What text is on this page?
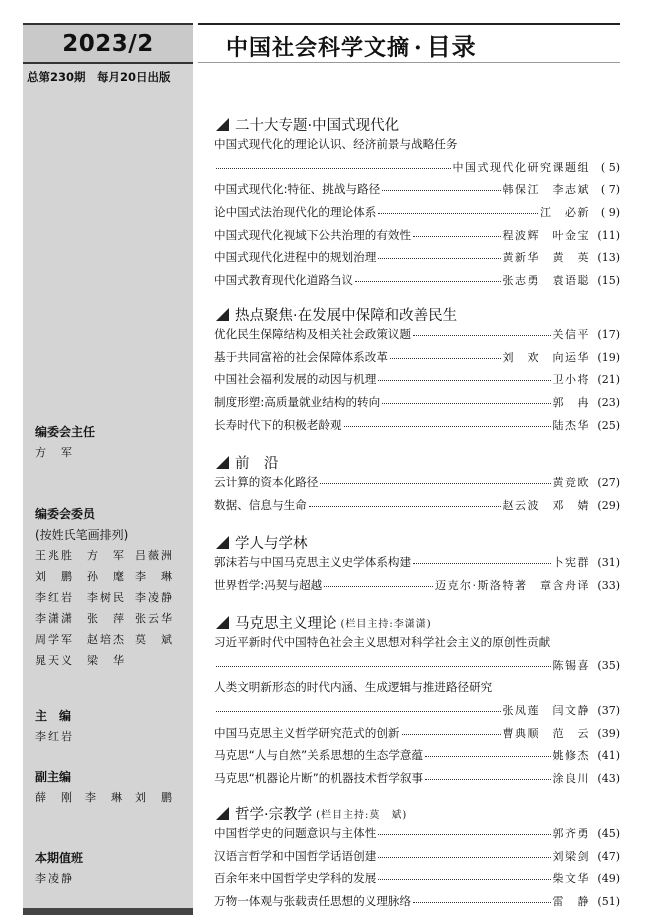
2023/2
总第230期　每月20日出版
编委会主任
方　军
编委会委员
(按姓氏笔画排列)
王兆胜	方　军 吕薇洲
刘　鹏	孙　麾 李　琳
李红岩	李树民 李凌静
李潇潇	张　萍 张云华
周学军	赵培杰 莫　斌
晁天义	梁　华
主　编
李红岩
副主编
薛　刚	李　琳	刘　鹏
本期值班
李凌静
中国社会科学文摘 · 目录
二十大专题·中国式现代化
中国式现代化的理论认识、经济前景与战略任务
中国式现代化研究课题组 ( 5)
中国式现代化:特征、挑战与路径	韩保江　李志斌 ( 7)
论中国式法治现代化的理论体系	江　必新 ( 9)
中国式现代化视域下公共治理的有效性	程波辉　叶金宝 (11)
中国式现代化进程中的规划治理	黄新华　黄　英 (13)
中国式教育现代化道路刍议	张志勇　袁语聪 (15)
热点聚焦·在发展中保障和改善民生
优化民生保障结构及相关社会政策议题	关信平 (17)
基于共同富裕的社会保障体系改革	刘　欢　向运华 (19)
中国社会福利发展的动因与机理	卫小将 (21)
制度形塑:高质量就业结构的转向	郭　冉 (23)
长寿时代下的积极老龄观	陆杰华 (25)
前　沿
云计算的资本化路径	黄竞欧 (27)
数据、信息与生命	赵云波　邓　婧 (29)
学人与学林
郭沫若与中国马克思主义史学体系构建	卜宪群 (31)
世界哲学:冯契与超越	迈克尔·斯洛特著　章含舟译 (33)
马克思主义理论 (栏目主持:李潇潇)
习近平新时代中国特色社会主义思想对科学社会主义的原创性贡献
陈锡喜 (35)
人类文明新形态的时代内涵、生成逻辑与推进路径研究
张凤莲　闫文静 (37)
中国马克思主义哲学研究范式的创新	曹典顺　范　云 (39)
马克思“人与自然”关系思想的生态学意蕴	姚修杰 (41)
马克思“机器论片断”的机器技术哲学叙事	涂良川 (43)
哲学·宗教学 (栏目主持:莫　斌)
中国哲学史的问题意识与主体性	郭齐勇 (45)
汉语言哲学和中国哲学话语创建	刘梁剑 (47)
百余年来中国哲学史学科的发展	柴文华 (49)
万物一体观与张载责任思想的义理脉络	雷　静 (51)
